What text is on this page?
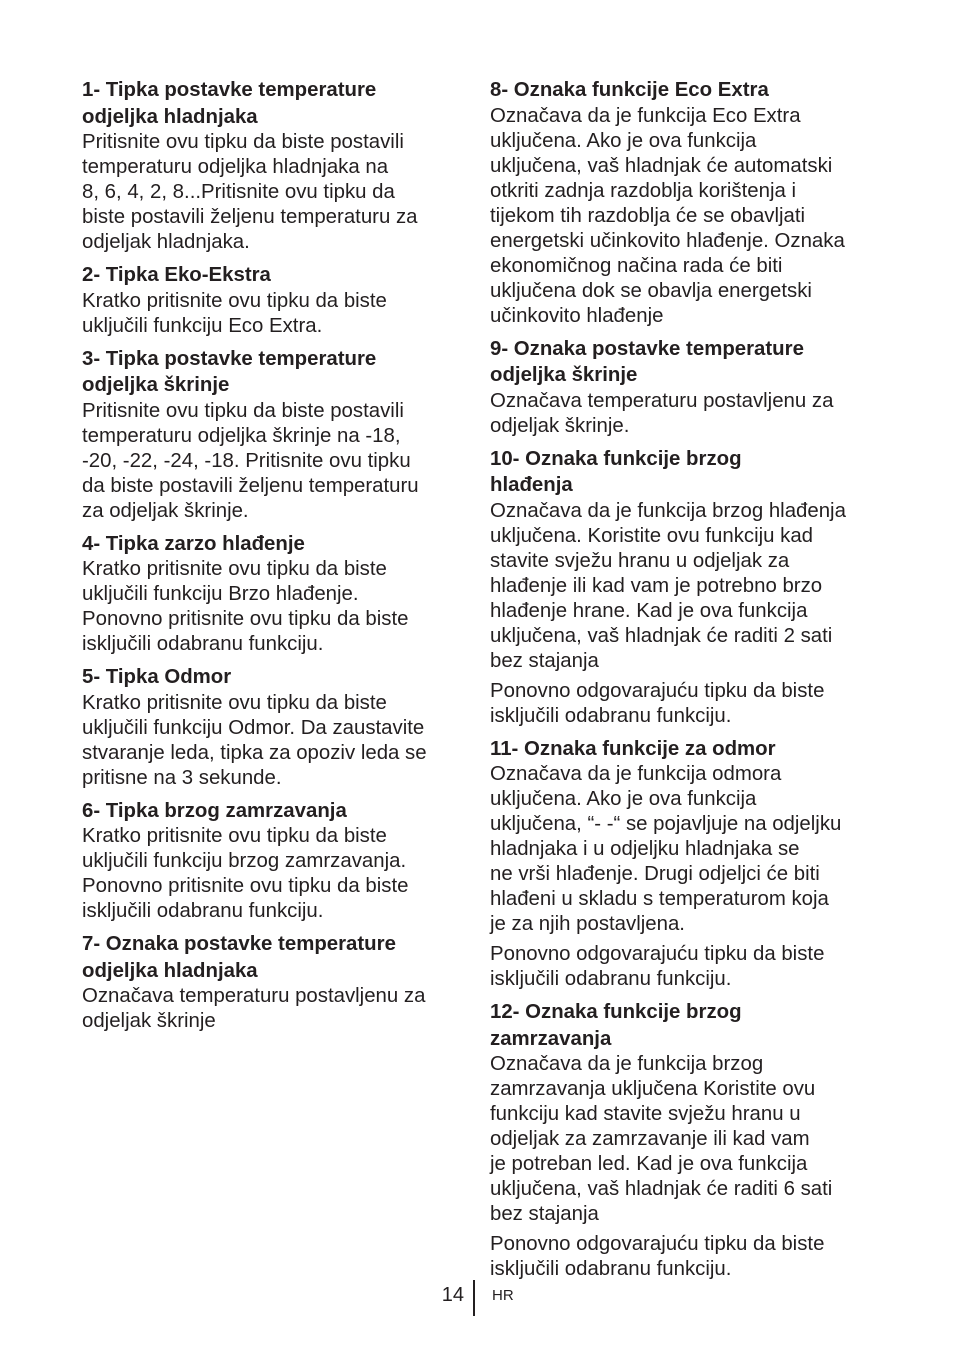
1- Tipka postavke temperature
odjeljka hladnjaka

Pritisnite ovu tipku da biste postavili
temperaturu odjeljka hladnjaka na
8, 6, 4, 2, 8...Pritisnite ovu tipku da
biste postavili željenu temperaturu za
odjeljak hladnjaka.

2- Tipka Eko-Ekstra

Kratko pritisnite ovu tipku da biste
uključili funkciju Eco Extra.

3- Tipka postavke temperature
odjeljka škrinje

Pritisnite ovu tipku da biste postavili
temperaturu odjeljka škrinje na -18,
-20, -22, -24, -18. Pritisnite ovu tipku
da biste postavili željenu temperaturu
za odjeljak škrinje.

4- Tipka zarzo hlađenje

Kratko pritisnite ovu tipku da biste
uključili funkciju Brzo hlađenje.
Ponovno pritisnite ovu tipku da biste
isključili odabranu funkciju.

5- Tipka Odmor

Kratko pritisnite ovu tipku da biste
uključili funkciju Odmor. Da zaustavite
stvaranje leda, tipka za opoziv leda se
pritisne na 3 sekunde.

6- Tipka brzog zamrzavanja

Kratko pritisnite ovu tipku da biste
uključili funkciju brzog zamrzavanja.
Ponovno pritisnite ovu tipku da biste
isključili odabranu funkciju.

7- Oznaka postavke temperature
odjeljka hladnjaka

Označava temperaturu postavljenu za
odjeljak škrinje

8- Oznaka funkcije Eco Extra

Označava da je funkcija Eco Extra
uključena. Ako je ova funkcija
uključena, vaš hladnjak će automatski
otkriti zadnja razdoblja korištenja i
tijekom tih razdoblja će se obavljati
energetski učinkovito hlađenje. Oznaka
ekonomičnog načina rada će biti
uključena dok se obavlja energetski
učinkovito hlađenje

9- Oznaka postavke temperature
odjeljka škrinje

Označava temperaturu postavljenu za
odjeljak škrinje.

10- Oznaka funkcije brzog
hlađenja

Označava da je funkcija brzog hlađenja
uključena. Koristite ovu funkciju kad
stavite svježu hranu u odjeljak za
hlađenje ili kad vam je potrebno brzo
hlađenje hrane. Kad je ova funkcija
uključena, vaš hladnjak će raditi 2 sati
bez stajanja

Ponovno odgovarajuću tipku da biste
isključili odabranu funkciju.

11- Oznaka funkcije za odmor

Označava da je funkcija odmora
uključena. Ako je ova funkcija
uključena, “- -“ se pojavljuje na odjeljku
hladnjaka i u odjeljku hladnjaka se
ne vrši hlađenje. Drugi odjeljci će biti
hlađeni u skladu s temperaturom koja
je za njih postavljena.

Ponovno odgovarajuću tipku da biste
isključili odabranu funkciju.

12- Oznaka funkcije brzog
zamrzavanja

Označava da je funkcija brzog
zamrzavanja uključena Koristite ovu
funkciju kad stavite svježu hranu u
odjeljak za zamrzavanje ili kad vam
je potreban led. Kad je ova funkcija
uključena, vaš hladnjak će raditi 6 sati
bez stajanja

Ponovno odgovarajuću tipku da biste
isključili odabranu funkciju.

14 HR
